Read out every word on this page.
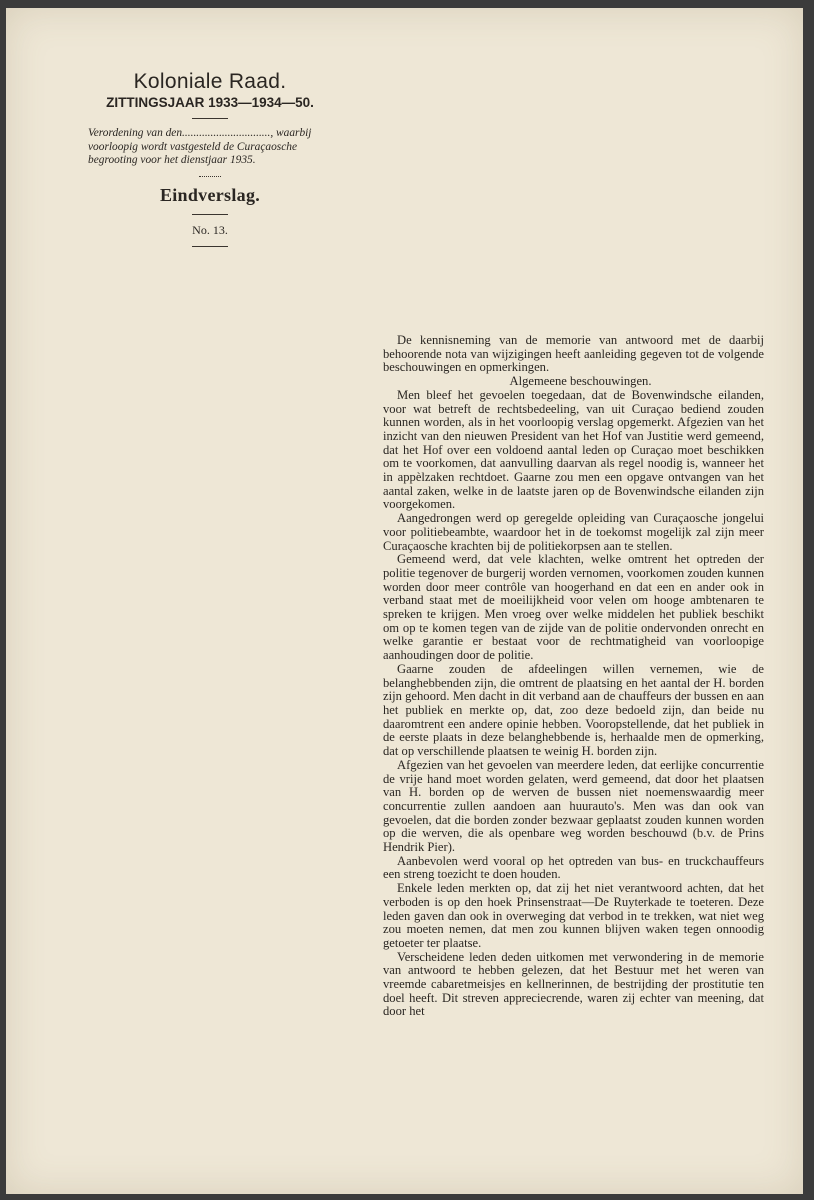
Koloniale Raad.

ZITTINGSJAAR 1933—1934—50.

Verordening van den..............................., waarbij voorloopig wordt vastgesteld de Curaçaosche begrooting voor het dienstjaar 1935.

Eindverslag.

No. 13.

De kennisneming van de memorie van antwoord met de daarbij behoorende nota van wijzigingen heeft aanleiding gegeven tot de volgende beschouwingen en opmerkingen.

Algemeene beschouwingen.

Men bleef het gevoelen toegedaan, dat de Bovenwindsche eilanden, voor wat betreft de rechtsbedeeling, van uit Curaçao bediend zouden kunnen worden, als in het voorloopig verslag opgemerkt. Afgezien van het inzicht van den nieuwen President van het Hof van Justitie werd gemeend, dat het Hof over een voldoend aantal leden op Curaçao moet beschikken om te voorkomen, dat aanvulling daarvan als regel noodig is, wanneer het in appèlzaken rechtdoet. Gaarne zou men een opgave ontvangen van het aantal zaken, welke in de laatste jaren op de Bovenwindsche eilanden zijn voorgekomen.

Aangedrongen werd op geregelde opleiding van Curaçaosche jongelui voor politiebeambte, waardoor het in de toekomst mogelijk zal zijn meer Curaçaosche krachten bij de politiekorpsen aan te stellen.

Gemeend werd, dat vele klachten, welke omtrent het optreden der politie tegenover de burgerij worden vernomen, voorkomen zouden kunnen worden door meer contrôle van hoogerhand en dat een en ander ook in verband staat met de moeilijkheid voor velen om hooge ambtenaren te spreken te krijgen. Men vroeg over welke middelen het publiek beschikt om op te komen tegen van de zijde van de politie ondervonden onrecht en welke garantie er bestaat voor de rechtmatigheid van voorloopige aanhoudingen door de politie.

Gaarne zouden de afdeelingen willen vernemen, wie de belanghebbenden zijn, die omtrent de plaatsing en het aantal der H. borden zijn gehoord. Men dacht in dit verband aan de chauffeurs der bussen en aan het publiek en merkte op, dat, zoo deze bedoeld zijn, dan beide nu daaromtrent een andere opinie hebben. Vooropstellende, dat het publiek in de eerste plaats in deze belanghebbende is, herhaalde men de opmerking, dat op verschillende plaatsen te weinig H. borden zijn.

Afgezien van het gevoelen van meerdere leden, dat eerlijke concurrentie de vrije hand moet worden gelaten, werd gemeend, dat door het plaatsen van H. borden op de werven de bussen niet noemenswaardig meer concurrentie zullen aandoen aan huurauto's. Men was dan ook van gevoelen, dat die borden zonder bezwaar geplaatst zouden kunnen worden op die werven, die als openbare weg worden beschouwd (b.v. de Prins Hendrik Pier).

Aanbevolen werd vooral op het optreden van bus- en truckchauffeurs een streng toezicht te doen houden.

Enkele leden merkten op, dat zij het niet verantwoord achten, dat het verboden is op den hoek Prinsenstraat—De Ruyterkade te toeteren. Deze leden gaven dan ook in overweging dat verbod in te trekken, wat niet weg zou moeten nemen, dat men zou kunnen blijven waken tegen onnoodig getoeter ter plaatse.

Verscheidene leden deden uitkomen met verwondering in de memorie van antwoord te hebben gelezen, dat het Bestuur met het weren van vreemde cabaretmeisjes en kellnerinnen, de bestrijding der prostitutie ten doel heeft. Dit streven appreciecrende, waren zij echter van meening, dat door het
